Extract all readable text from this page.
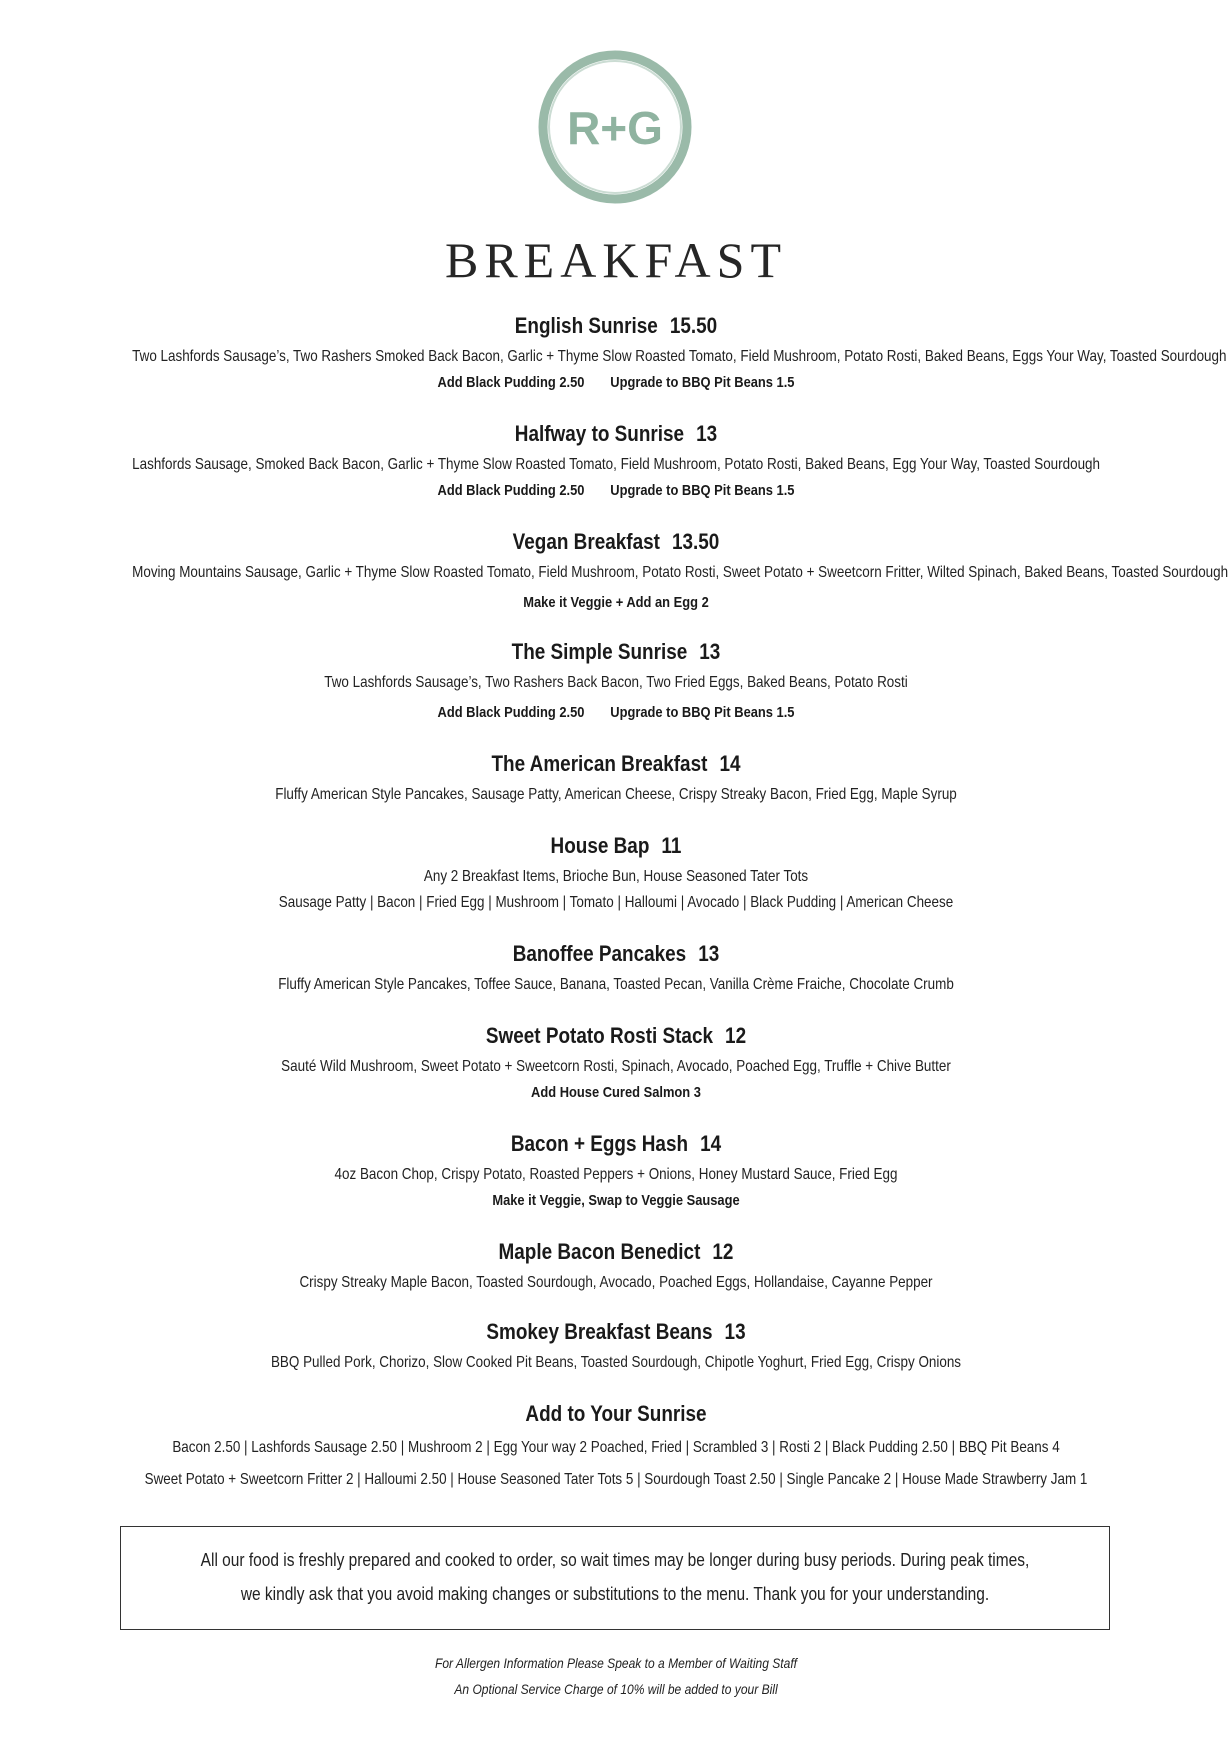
R+G
BREAKFAST
English Sunrise 15.50
Two Lashfords Sausage’s, Two Rashers Smoked Back Bacon, Garlic + Thyme Slow Roasted Tomato, Field Mushroom, Potato Rosti, Baked Beans, Eggs Your Way, Toasted Sourdough
Add Black Pudding 2.50 Upgrade to BBQ Pit Beans 1.5
Halfway to Sunrise 13
Lashfords Sausage, Smoked Back Bacon, Garlic + Thyme Slow Roasted Tomato, Field Mushroom, Potato Rosti, Baked Beans, Egg Your Way, Toasted Sourdough
Add Black Pudding 2.50 Upgrade to BBQ Pit Beans 1.5
Vegan Breakfast 13.50
Moving Mountains Sausage, Garlic + Thyme Slow Roasted Tomato, Field Mushroom, Potato Rosti, Sweet Potato + Sweetcorn Fritter, Wilted Spinach, Baked Beans, Toasted Sourdough
Make it Veggie + Add an Egg 2
The Simple Sunrise 13
Two Lashfords Sausage’s, Two Rashers Back Bacon, Two Fried Eggs, Baked Beans, Potato Rosti
Add Black Pudding 2.50 Upgrade to BBQ Pit Beans 1.5
The American Breakfast 14
Fluffy American Style Pancakes, Sausage Patty, American Cheese, Crispy Streaky Bacon, Fried Egg, Maple Syrup
House Bap 11
Any 2 Breakfast Items, Brioche Bun, House Seasoned Tater Tots
Sausage Patty | Bacon | Fried Egg | Mushroom | Tomato | Halloumi | Avocado | Black Pudding | American Cheese
Banoffee Pancakes 13
Fluffy American Style Pancakes, Toffee Sauce, Banana, Toasted Pecan, Vanilla Crème Fraiche, Chocolate Crumb
Sweet Potato Rosti Stack 12
Sauté Wild Mushroom, Sweet Potato + Sweetcorn Rosti, Spinach, Avocado, Poached Egg, Truffle + Chive Butter
Add House Cured Salmon 3
Bacon + Eggs Hash 14
4oz Bacon Chop, Crispy Potato, Roasted Peppers + Onions, Honey Mustard Sauce, Fried Egg
Make it Veggie, Swap to Veggie Sausage
Maple Bacon Benedict 12
Crispy Streaky Maple Bacon, Toasted Sourdough, Avocado, Poached Eggs, Hollandaise, Cayanne Pepper
Smokey Breakfast Beans 13
BBQ Pulled Pork, Chorizo, Slow Cooked Pit Beans, Toasted Sourdough, Chipotle Yoghurt, Fried Egg, Crispy Onions
Add to Your Sunrise
Bacon 2.50 | Lashfords Sausage 2.50 | Mushroom 2 | Egg Your way 2 Poached, Fried | Scrambled 3 | Rosti 2 | Black Pudding 2.50 | BBQ Pit Beans 4
Sweet Potato + Sweetcorn Fritter 2 | Halloumi 2.50 | House Seasoned Tater Tots 5 | Sourdough Toast 2.50 | Single Pancake 2 | House Made Strawberry Jam 1
All our food is freshly prepared and cooked to order, so wait times may be longer during busy periods. During peak times,
we kindly ask that you avoid making changes or substitutions to the menu. Thank you for your understanding.
For Allergen Information Please Speak to a Member of Waiting Staff
An Optional Service Charge of 10% will be added to your Bill
